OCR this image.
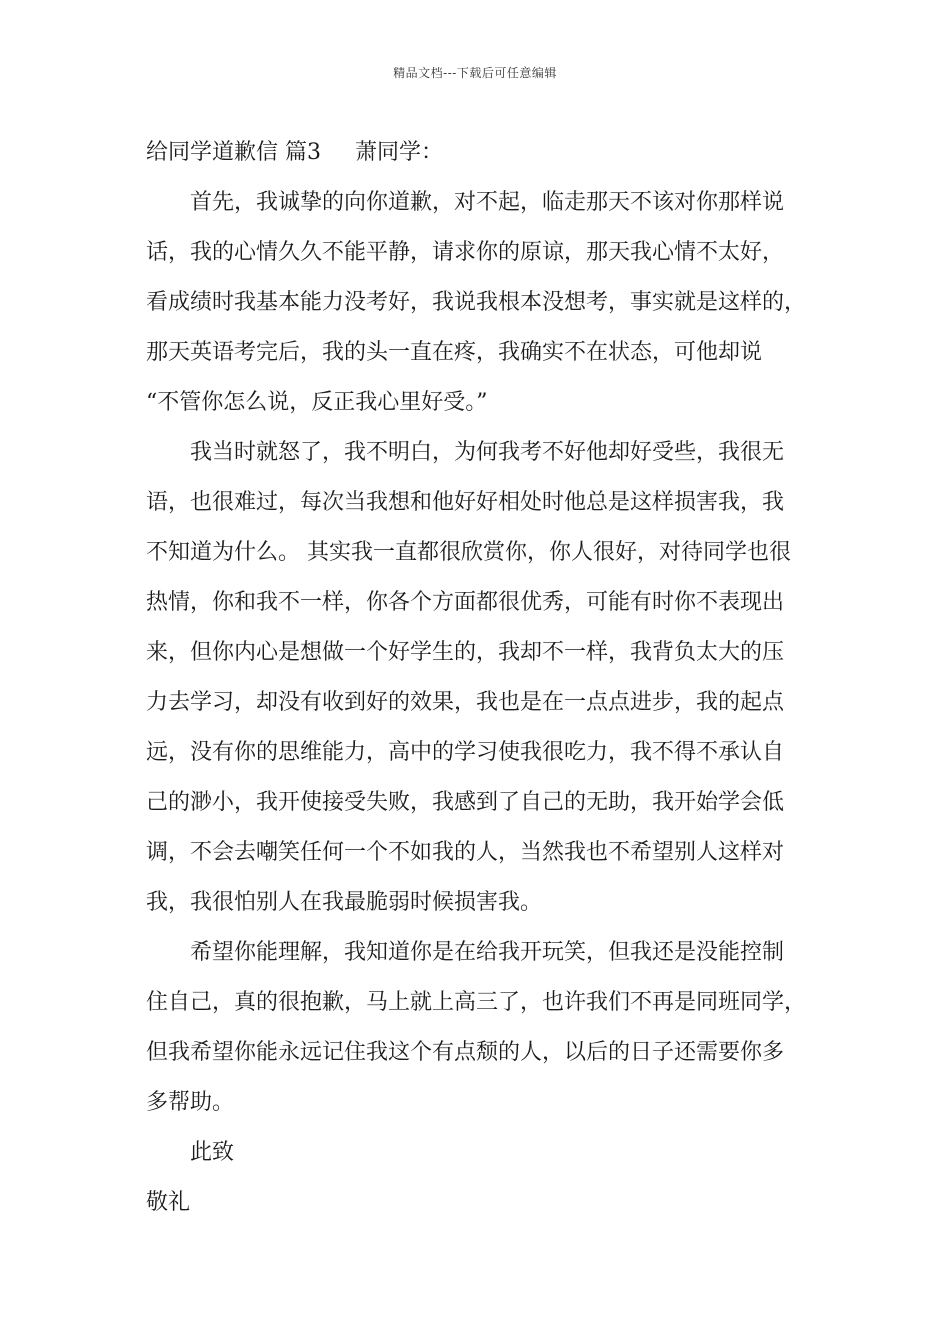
精品文档---下载后可任意编辑
给同学道歉信 篇3 萧同学：
首先，我诚挚的向你道歉，对不起，临走那天不该对你那样说
话，我的心情久久不能平静，请求你的原谅，那天我心情不太好，
看成绩时我基本能力没考好，我说我根本没想考，事实就是这样的，
那天英语考完后，我的头一直在疼，我确实不在状态，可他却说
“不管你怎么说，反正我心里好受。”
我当时就怒了，我不明白，为何我考不好他却好受些，我很无
语，也很难过，每次当我想和他好好相处时他总是这样损害我，我
不知道为什么。 其实我一直都很欣赏你，你人很好，对待同学也很
热情，你和我不一样，你各个方面都很优秀，可能有时你不表现出
来，但你内心是想做一个好学生的，我却不一样，我背负太大的压
力去学习，却没有收到好的效果，我也是在一点点进步，我的起点
远，没有你的思维能力，高中的学习使我很吃力，我不得不承认自
己的渺小，我开使接受失败，我感到了自己的无助，我开始学会低
调，不会去嘲笑任何一个不如我的人，当然我也不希望别人这样对
我，我很怕别人在我最脆弱时候损害我。
希望你能理解，我知道你是在给我开玩笑，但我还是没能控制
住自己，真的很抱歉，马上就上高三了，也许我们不再是同班同学，
但我希望你能永远记住我这个有点颓的人，以后的日子还需要你多
多帮助。
此致
敬礼
